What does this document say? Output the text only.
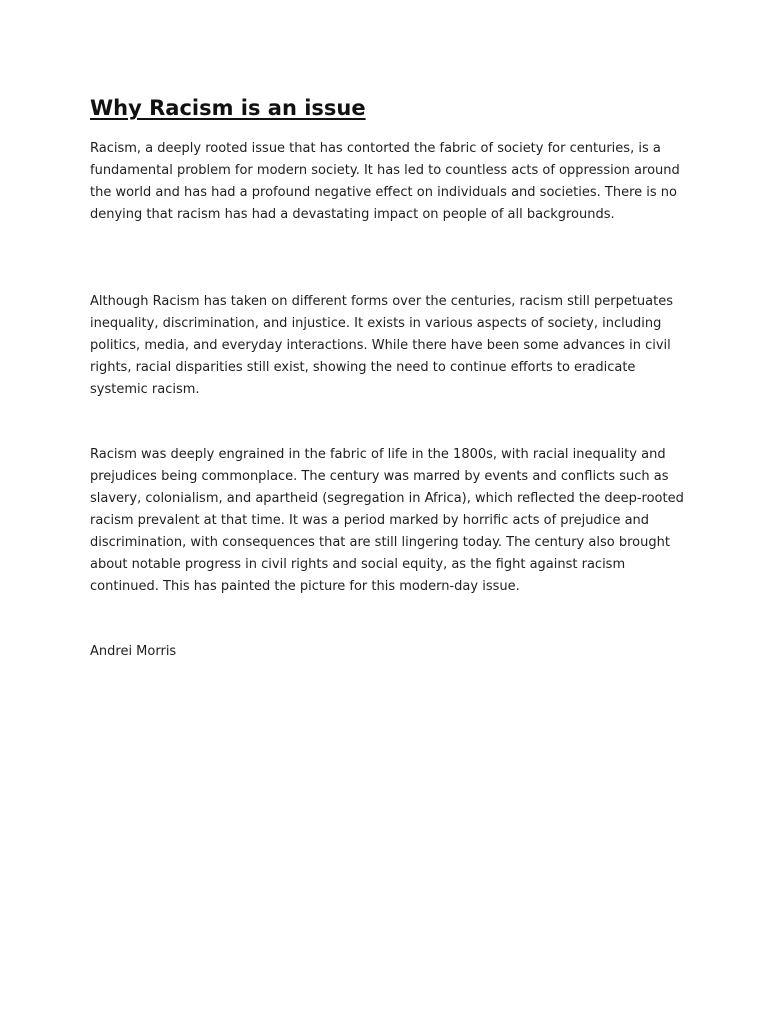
Why Racism is an issue

Racism, a deeply rooted issue that has contorted the fabric of society for centuries, is a fundamental problem for modern society. It has led to countless acts of oppression around the world and has had a profound negative effect on individuals and societies. There is no denying that racism has had a devastating impact on people of all backgrounds.

Although Racism has taken on different forms over the centuries, racism still perpetuates inequality, discrimination, and injustice. It exists in various aspects of society, including politics, media, and everyday interactions. While there have been some advances in civil rights, racial disparities still exist, showing the need to continue efforts to eradicate systemic racism.

Racism was deeply engrained in the fabric of life in the 1800s, with racial inequality and prejudices being commonplace. The century was marred by events and conflicts such as slavery, colonialism, and apartheid (segregation in Africa), which reflected the deep-rooted racism prevalent at that time. It was a period marked by horrific acts of prejudice and discrimination, with consequences that are still lingering today. The century also brought about notable progress in civil rights and social equity, as the fight against racism continued. This has painted the picture for this modern-day issue.

Andrei Morris
